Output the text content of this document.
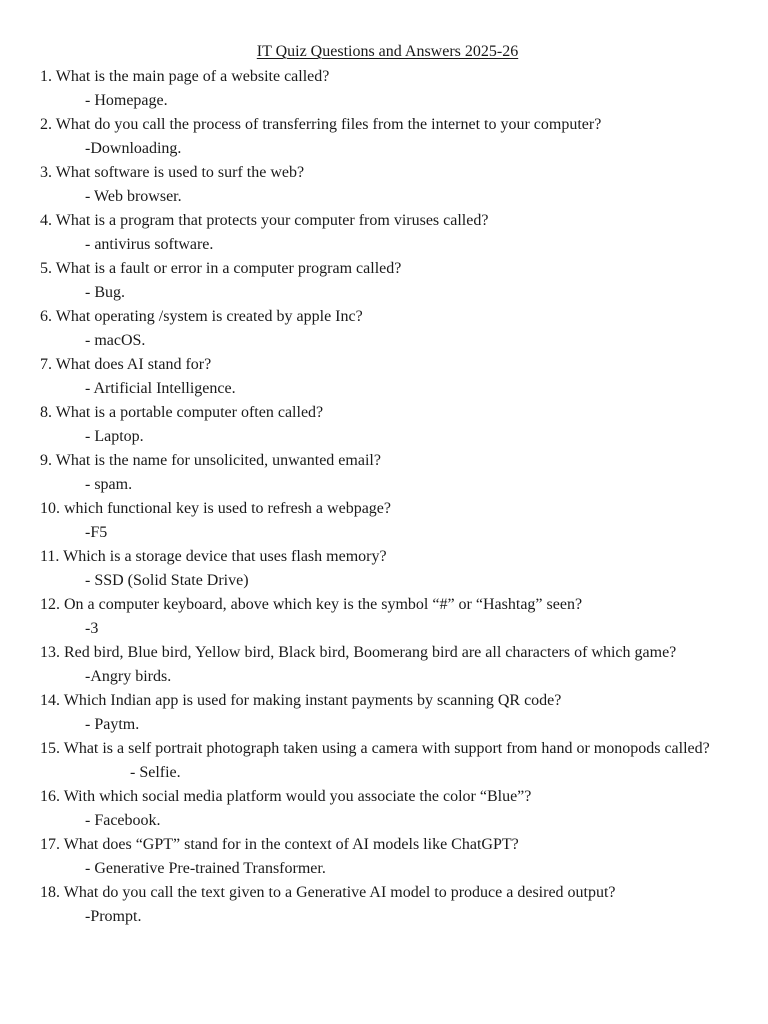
IT Quiz Questions and Answers 2025-26

1. What is the main page of a website called?

- Homepage.

2. What do you call the process of transferring files from the internet to your computer?

-Downloading.

3. What software is used to surf the web?

- Web browser.

4. What is a program that protects your computer from viruses called?

- antivirus software.

5. What is a fault or error in a computer program called?

- Bug.

6. What operating /system is created by apple Inc?

- macOS.

7. What does AI stand for?

- Artificial Intelligence.

8. What is a portable computer often called?

- Laptop.

9. What is the name for unsolicited, unwanted email?

- spam.

10. which functional key is used to refresh a webpage?

-F5

11. Which is a storage device that uses flash memory?

- SSD (Solid State Drive)

12. On a computer keyboard, above which key is the symbol “#” or “Hashtag” seen?

-3

13. Red bird, Blue bird, Yellow bird, Black bird, Boomerang bird are all characters of which game?

-Angry birds.

14. Which Indian app is used for making instant payments by scanning QR code?

- Paytm.

15. What is a self portrait photograph taken using a camera with support from hand or monopods called?

- Selfie.

16. With which social media platform would you associate the color “Blue”?

- Facebook.

17. What does “GPT” stand for in the context of AI models like ChatGPT?

- Generative Pre-trained Transformer.

18. What do you call the text given to a Generative AI model to produce a desired output?

-Prompt.
